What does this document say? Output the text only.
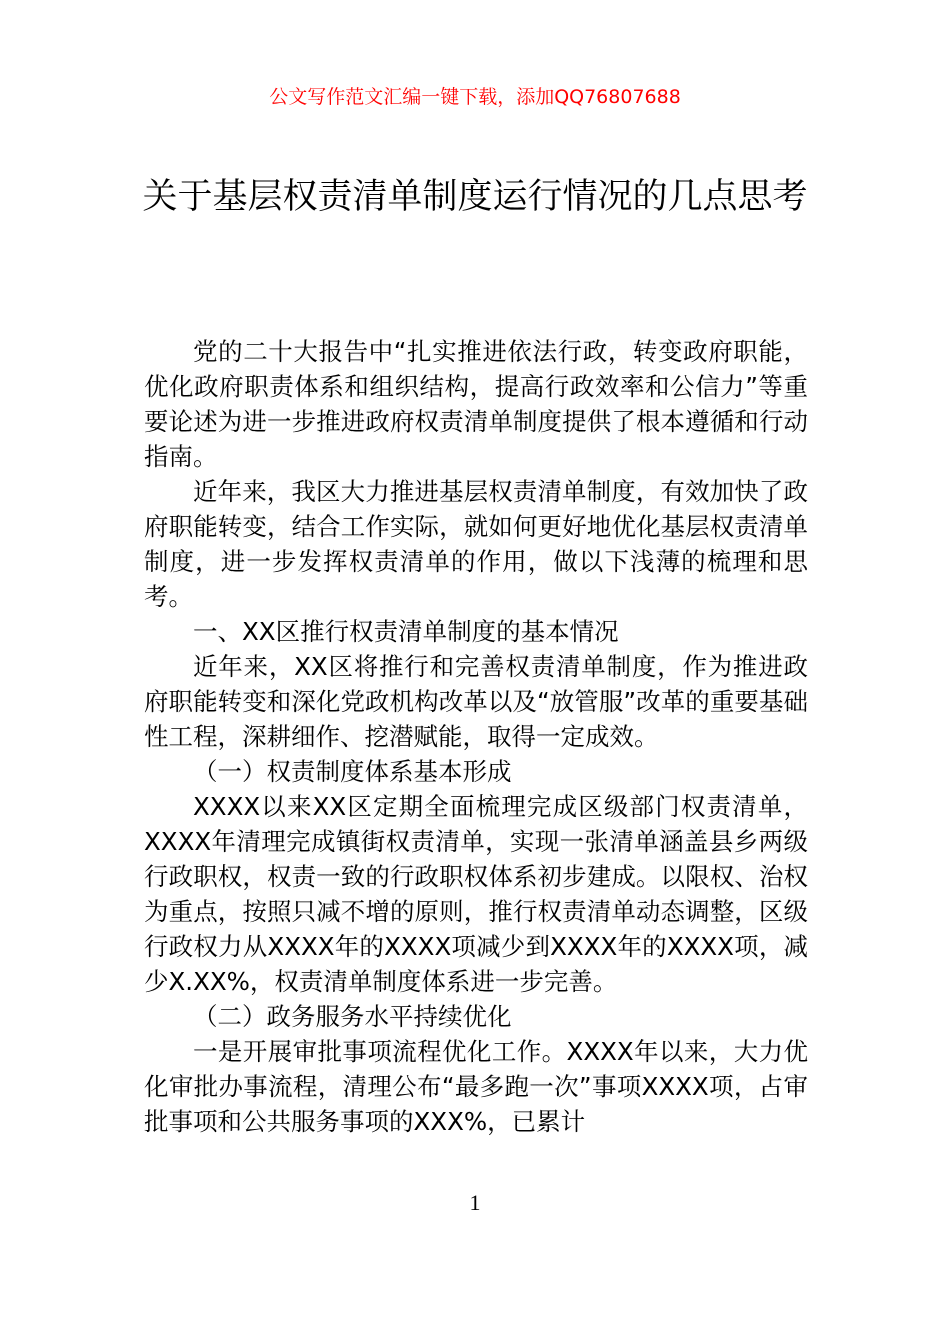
公文写作范文汇编一键下载，添加QQ76807688
关于基层权责清单制度运行情况的几点思考

党的二十大报告中“扎实推进依法行政，转变政府职能，优化政府职责体系和组织结构，提高行政效率和公信力”等重要论述为进一步推进政府权责清单制度提供了根本遵循和行动指南。

近年来，我区大力推进基层权责清单制度，有效加快了政府职能转变，结合工作实际，就如何更好地优化基层权责清单制度，进一步发挥权责清单的作用，做以下浅薄的梳理和思考。

一、XX区推行权责清单制度的基本情况

近年来，XX区将推行和完善权责清单制度，作为推进政府职能转变和深化党政机构改革以及“放管服”改革的重要基础性工程，深耕细作、挖潜赋能，取得一定成效。

（一）权责制度体系基本形成

XXXX以来XX区定期全面梳理完成区级部门权责清单，XXXX年清理完成镇街权责清单，实现一张清单涵盖县乡两级行政职权，权责一致的行政职权体系初步建成。以限权、治权为重点，按照只减不增的原则，推行权责清单动态调整，区级行政权力从XXXX年的XXXX项减少到XXXX年的XXXX项，减少X.XX%，权责清单制度体系进一步完善。

（二）政务服务水平持续优化

一是开展审批事项流程优化工作。XXXX年以来，大力优化审批办事流程，清理公布“最多跑一次”事项XXXX项，占审批事项和公共服务事项的XXX%，已累计

1
